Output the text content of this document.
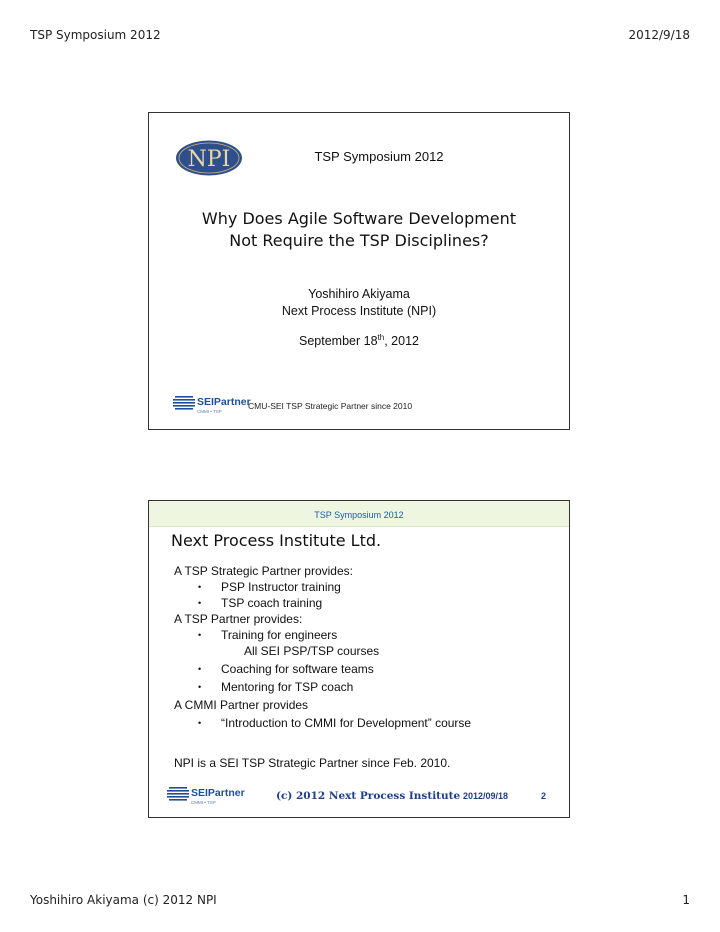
TSP Symposium 2012	2012/9/18
NPI	TSP Symposium 2012
Why Does Agile Software Development
Not Require the TSP Disciplines?
Yoshihiro Akiyama
Next Process Institute (NPI)
September 18th, 2012
SEIPartner
CMMI • TSP
CMU-SEI TSP Strategic Partner since 2010
TSP Symposium 2012
Next Process Institute Ltd.
A TSP Strategic Partner provides:
• PSP Instructor training
• TSP coach training
A TSP Partner provides:
• Training for engineers
All SEI PSP/TSP courses
• Coaching for software teams
• Mentoring for TSP coach
A CMMI Partner provides
• “Introduction to CMMI for Development” course
NPI is a SEI TSP Strategic Partner since Feb. 2010.
SEIPartner
CMMI • TSP
(c) 2012 Next Process Institute 2012/09/18	2
Yoshihiro Akiyama (c) 2012 NPI	1
